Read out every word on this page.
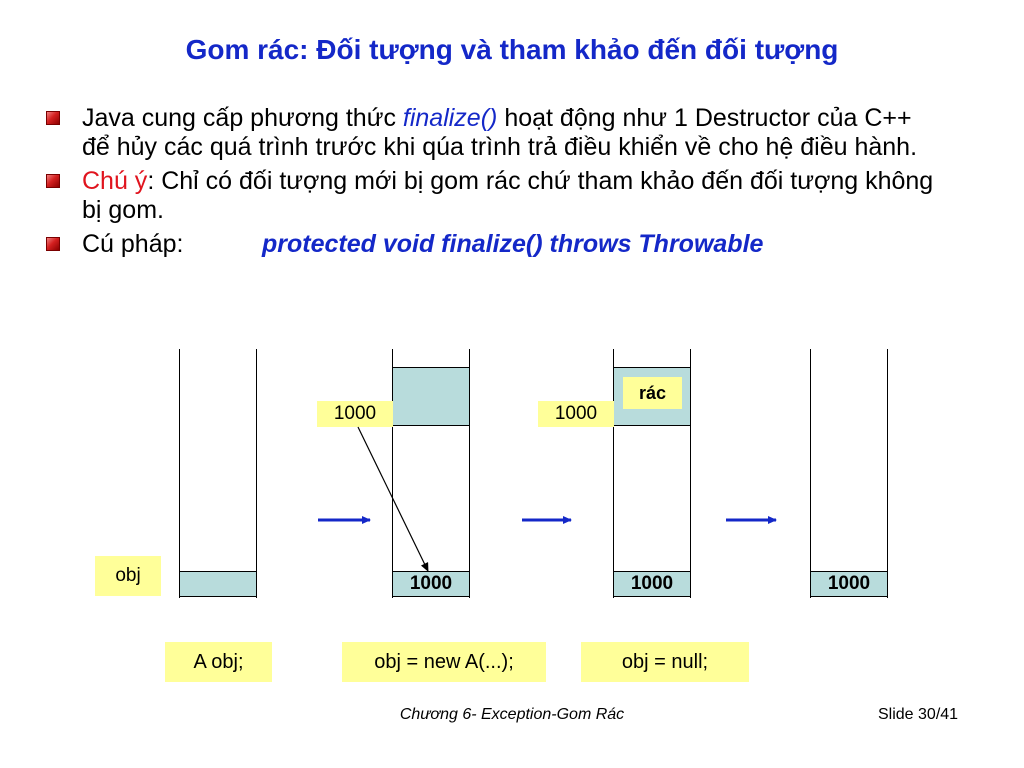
Gom rác: Đối tượng và tham khảo đến đối tượng
Java cung cấp phương thức finalize() hoạt động như 1 Destructor của C++ để hủy các quá trình trước khi qúa trình trả điều khiển về cho hệ điều hành.
Chú ý: Chỉ có đối tượng mới bị gom rác chứ tham khảo đến đối tượng không bị gom.
Cú pháp:	protected void finalize() throws Throwable
obj
1000
1000
1000
rác
1000	1000
A obj;	obj = new A(...);	obj = null;
Chương 6- Exception-Gom Rác	Slide 30/41
